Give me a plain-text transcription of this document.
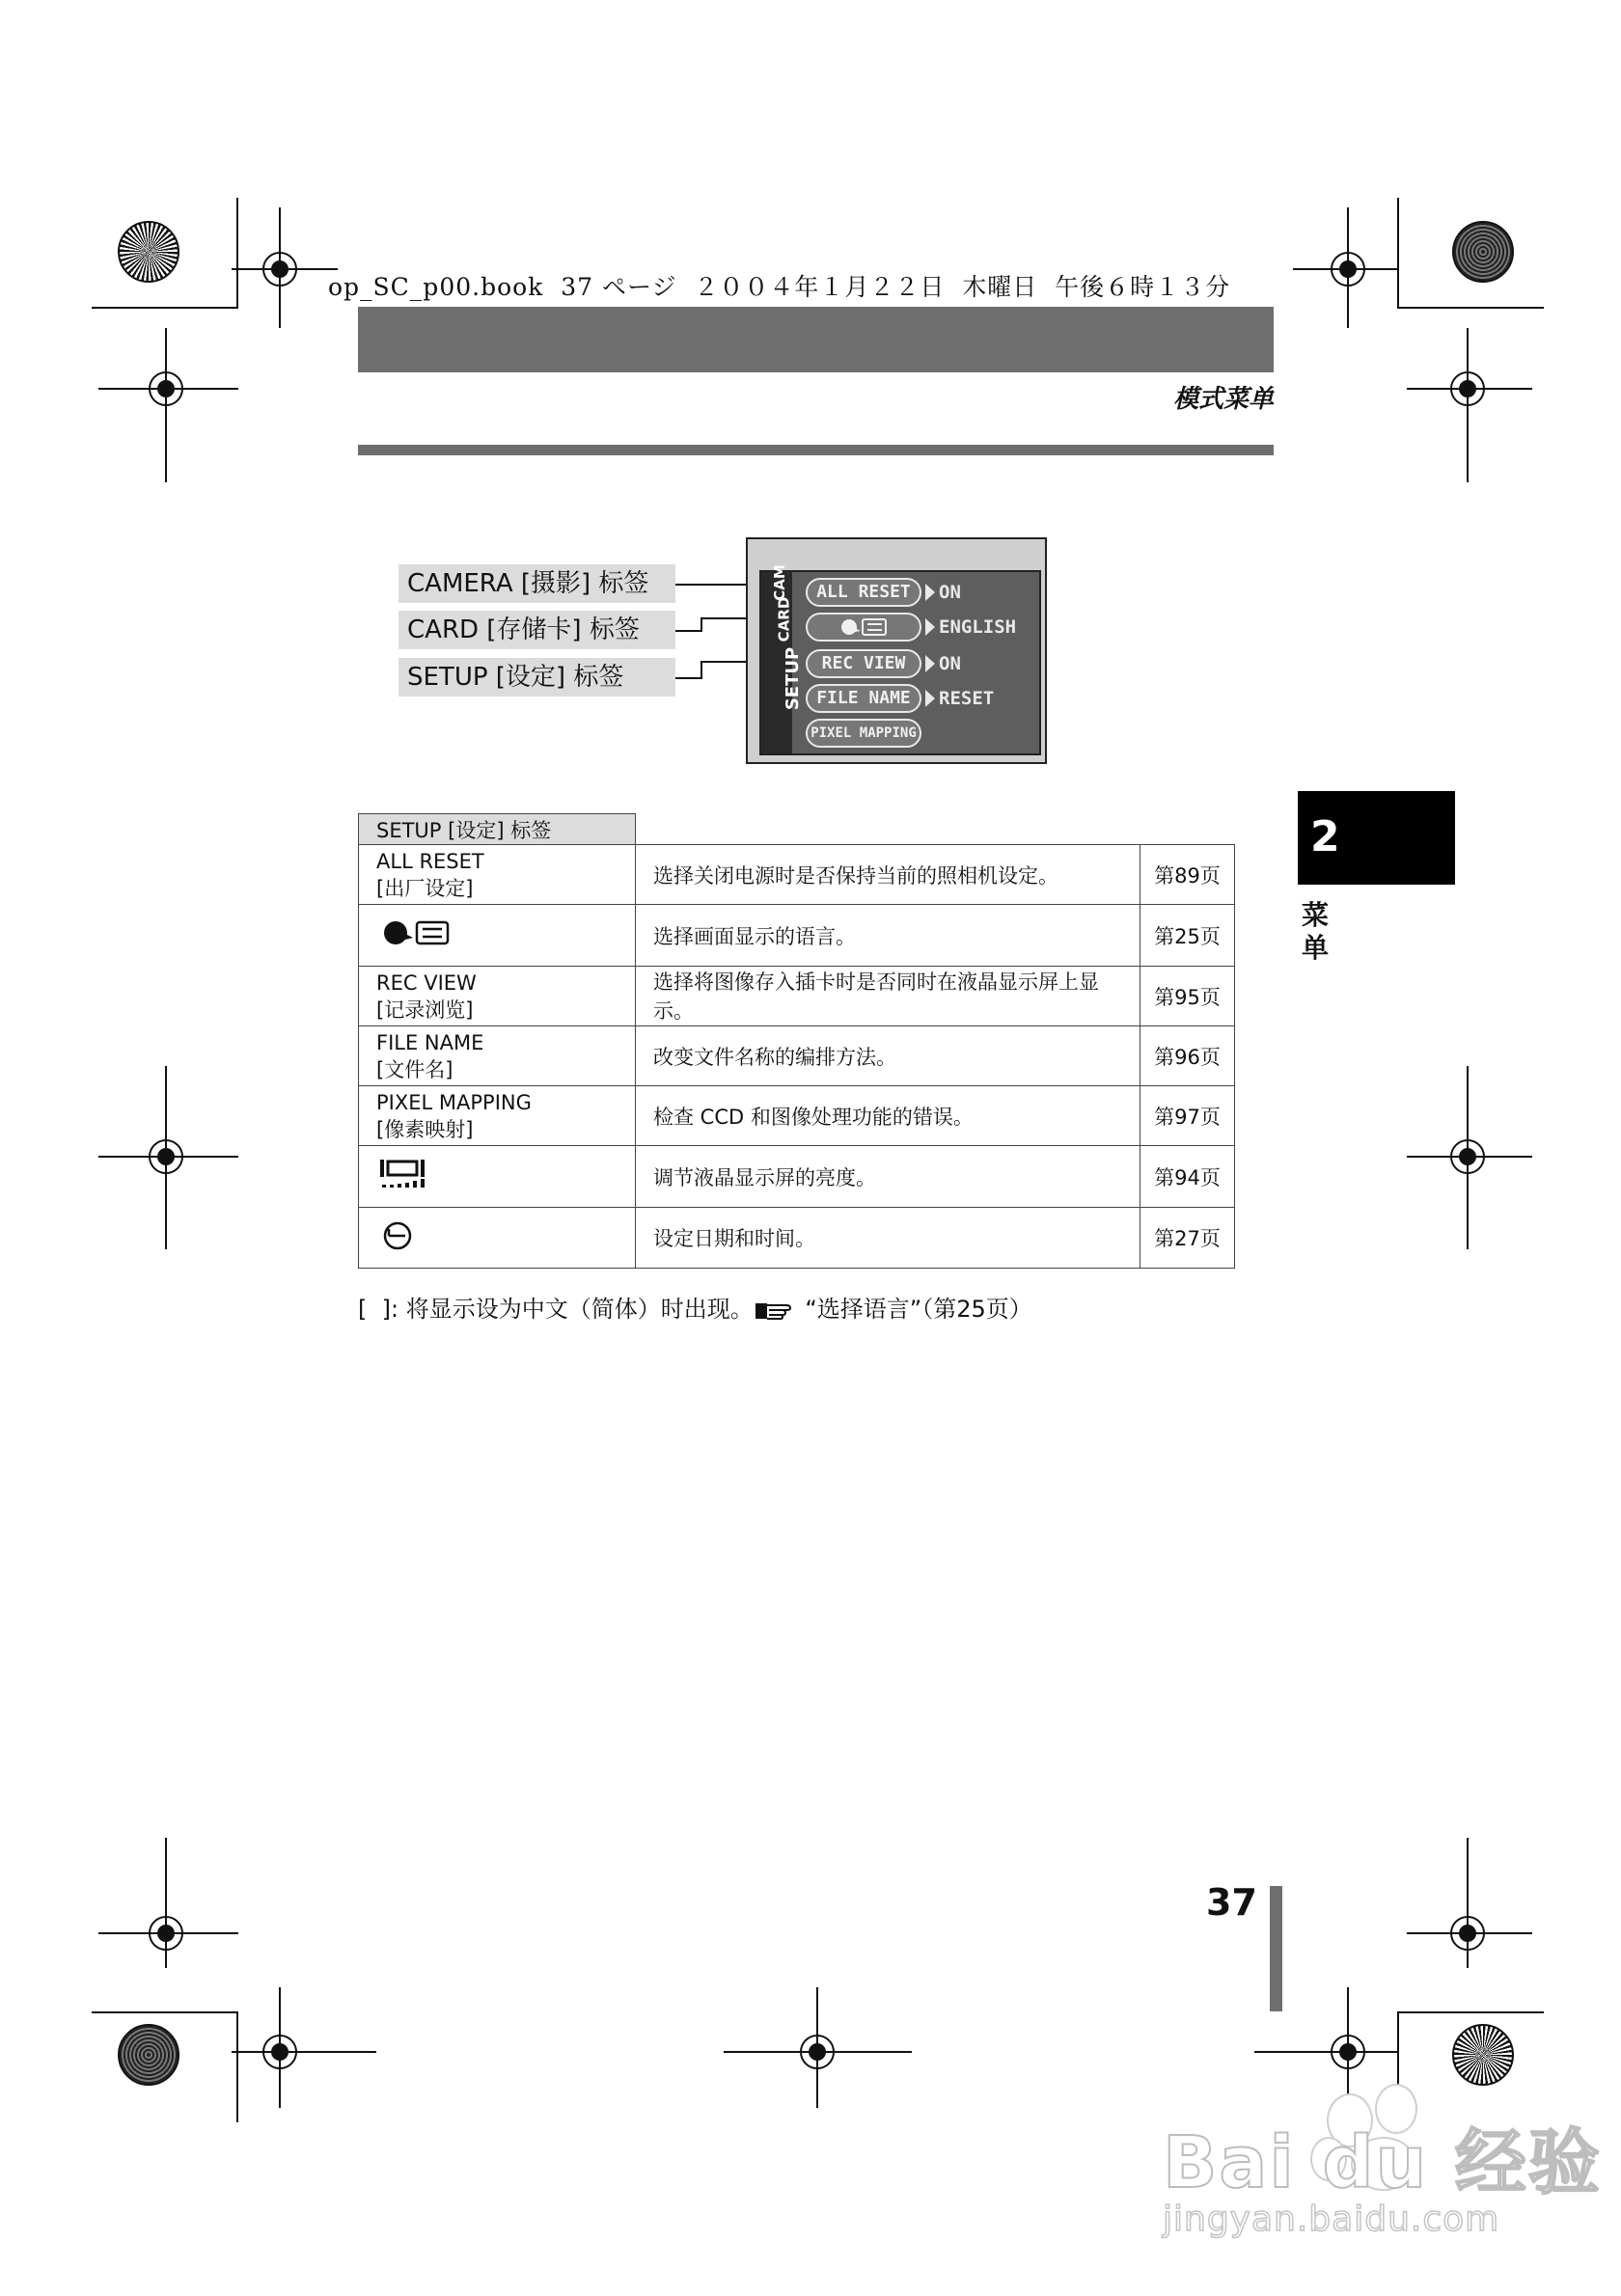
op_SC_p00.book  37 ページ  ２００４年１月２２日  木曜日  午後６時１３分
模式菜单
CAMERA [摄影] 标签
CARD [存储卡] 标签
SETUP [设定] 标签
CAM
CARD
SETUP
ALL RESET	ON
ENGLISH
REC VIEW	ON
FILE NAME	RESET
PIXEL MAPPING
SETUP [设定] 标签		

ALL RESET
[出厂设定]	选择关闭电源时是否保持当前的照相机设定。	第89页
	选择画面显示的语言。	第25页

REC VIEW
[记录浏览]	选择将图像存入插卡时是否同时在液晶显示屏上显示。	第95页

FILE NAME
[文件名]	改变文件名称的编排方法。	第96页

PIXEL MAPPING
[像素映射]	检查 CCD 和图像处理功能的错误。	第97页
	调节液晶显示屏的亮度。	第94页
	设定日期和时间。	第27页
[  ]: 将显示设为中文（简体）时出现。 “选择语言”（第25页）
2
菜单
37
Bai du 经验
jingyan.baidu.com
